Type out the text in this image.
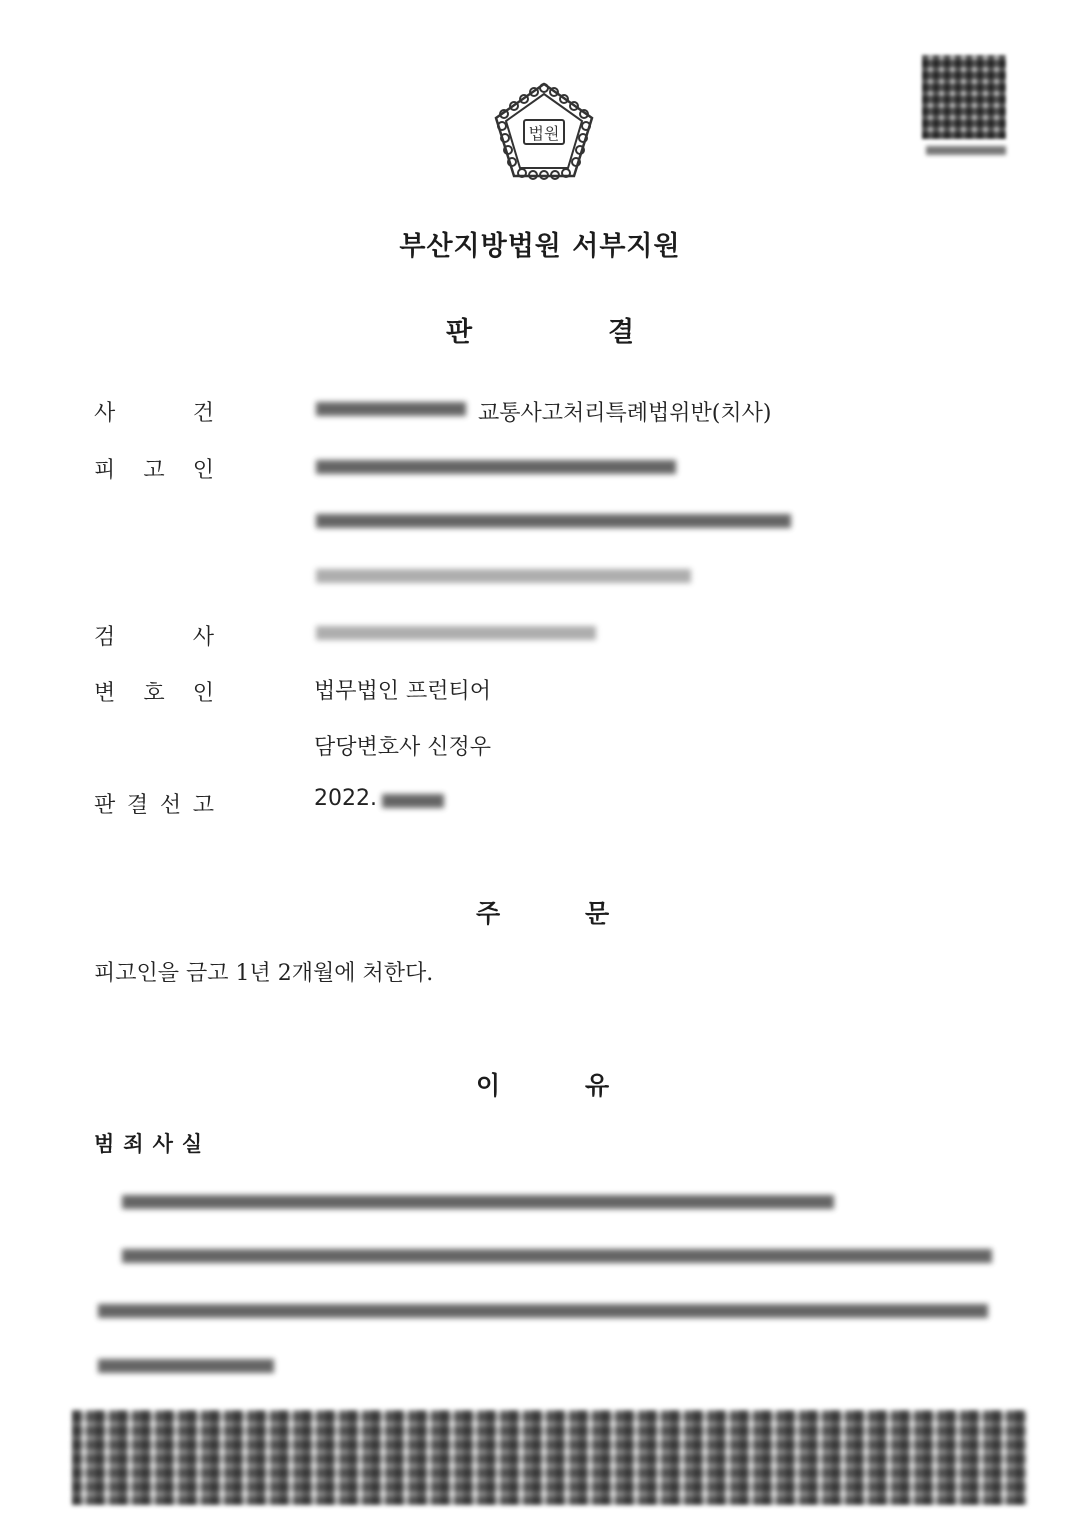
법원
부산지방법원 서부지원
판	결
사	건	교통사고처리특례법위반(치사)
피 고 인
검	사
변 호 인	법무법인 프런티어
담당변호사 신정우
판 결 선 고	2022.
주	문
피고인을 금고 1년 2개월에 처한다.
이	유
범 죄 사 실
